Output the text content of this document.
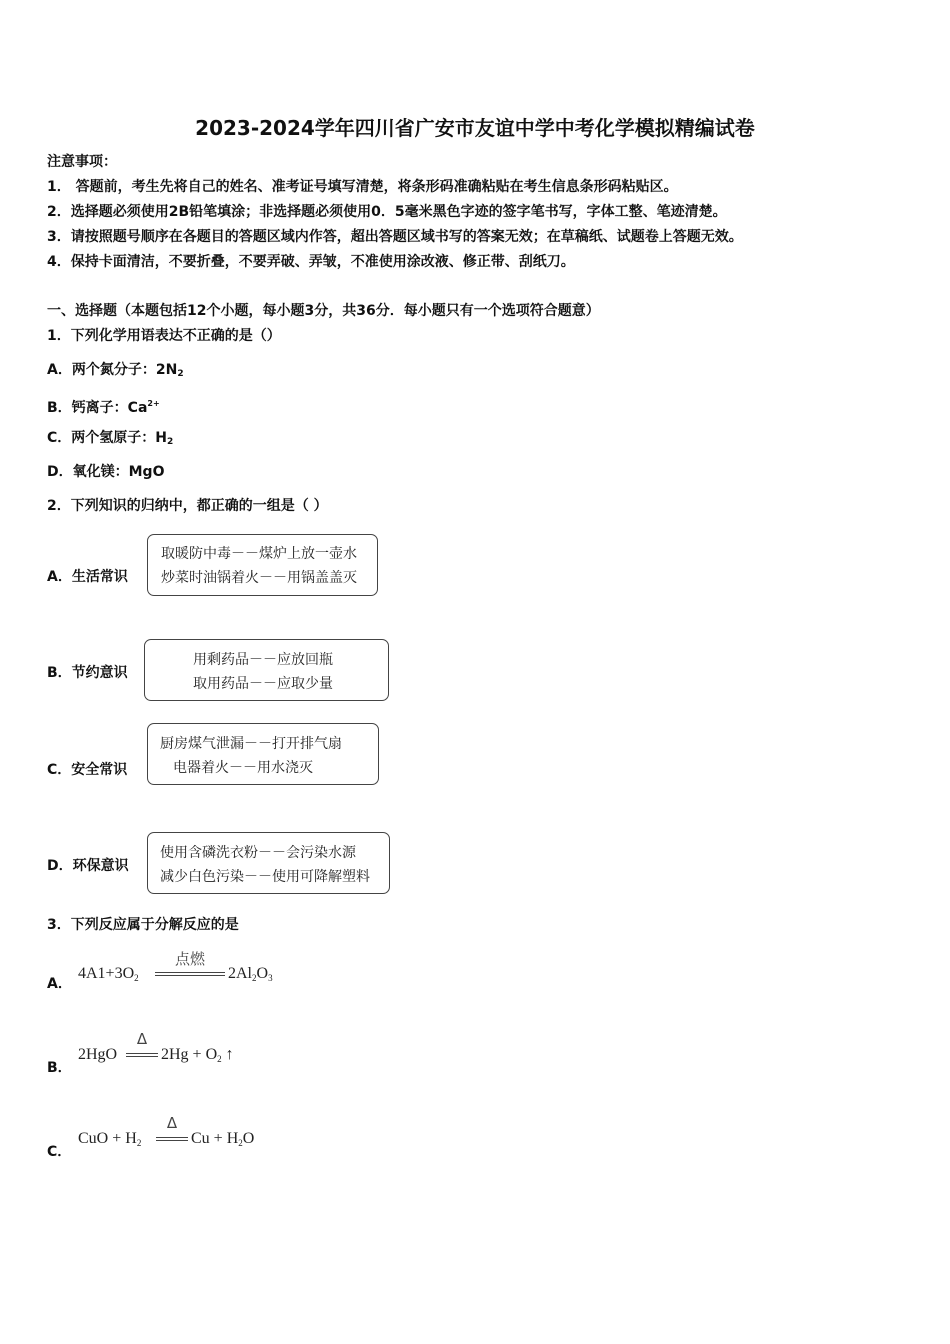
2023-2024学年四川省广安市友谊中学中考化学模拟精编试卷
注意事项：
1． 答题前，考生先将自己的姓名、准考证号填写清楚，将条形码准确粘贴在考生信息条形码粘贴区。
2．选择题必须使用2B铅笔填涂；非选择题必须使用0．5毫米黑色字迹的签字笔书写，字体工整、笔迹清楚。
3．请按照题号顺序在各题目的答题区域内作答，超出答题区域书写的答案无效；在草稿纸、试题卷上答题无效。
4．保持卡面清洁，不要折叠，不要弄破、弄皱，不准使用涂改液、修正带、刮纸刀。
一、选择题（本题包括12个小题，每小题3分，共36分．每小题只有一个选项符合题意）
1．下列化学用语表达不正确的是（）
A．两个氮分子：$2N_2$
B．钙离子：$Ca^{2+}$
C．两个氢原子：$H_2$
D．氧化镁：MgO
2．下列知识的归纳中，都正确的一组是（ ）
A．生活常识
取暖防中毒－－煤炉上放一壶水
炒菜时油锅着火－－用锅盖盖灭
B．节约意识
用剩药品－－应放回瓶
取用药品－－应取少量
C．安全常识
厨房煤气泄漏－－打开排气扇
电器着火－－用水浇灭
D．环保意识
使用含磷洗衣粉－－会污染水源
减少白色污染－－使用可降解塑料
3．下列反应属于分解反应的是
A．
$4A1+3O_2$
点燃
$2Al_2O_3$
B．
2HgO
Δ
$2Hg + O_2$ ↑
C．
CuO + $H_2$
Δ
$Cu + H_2O$
